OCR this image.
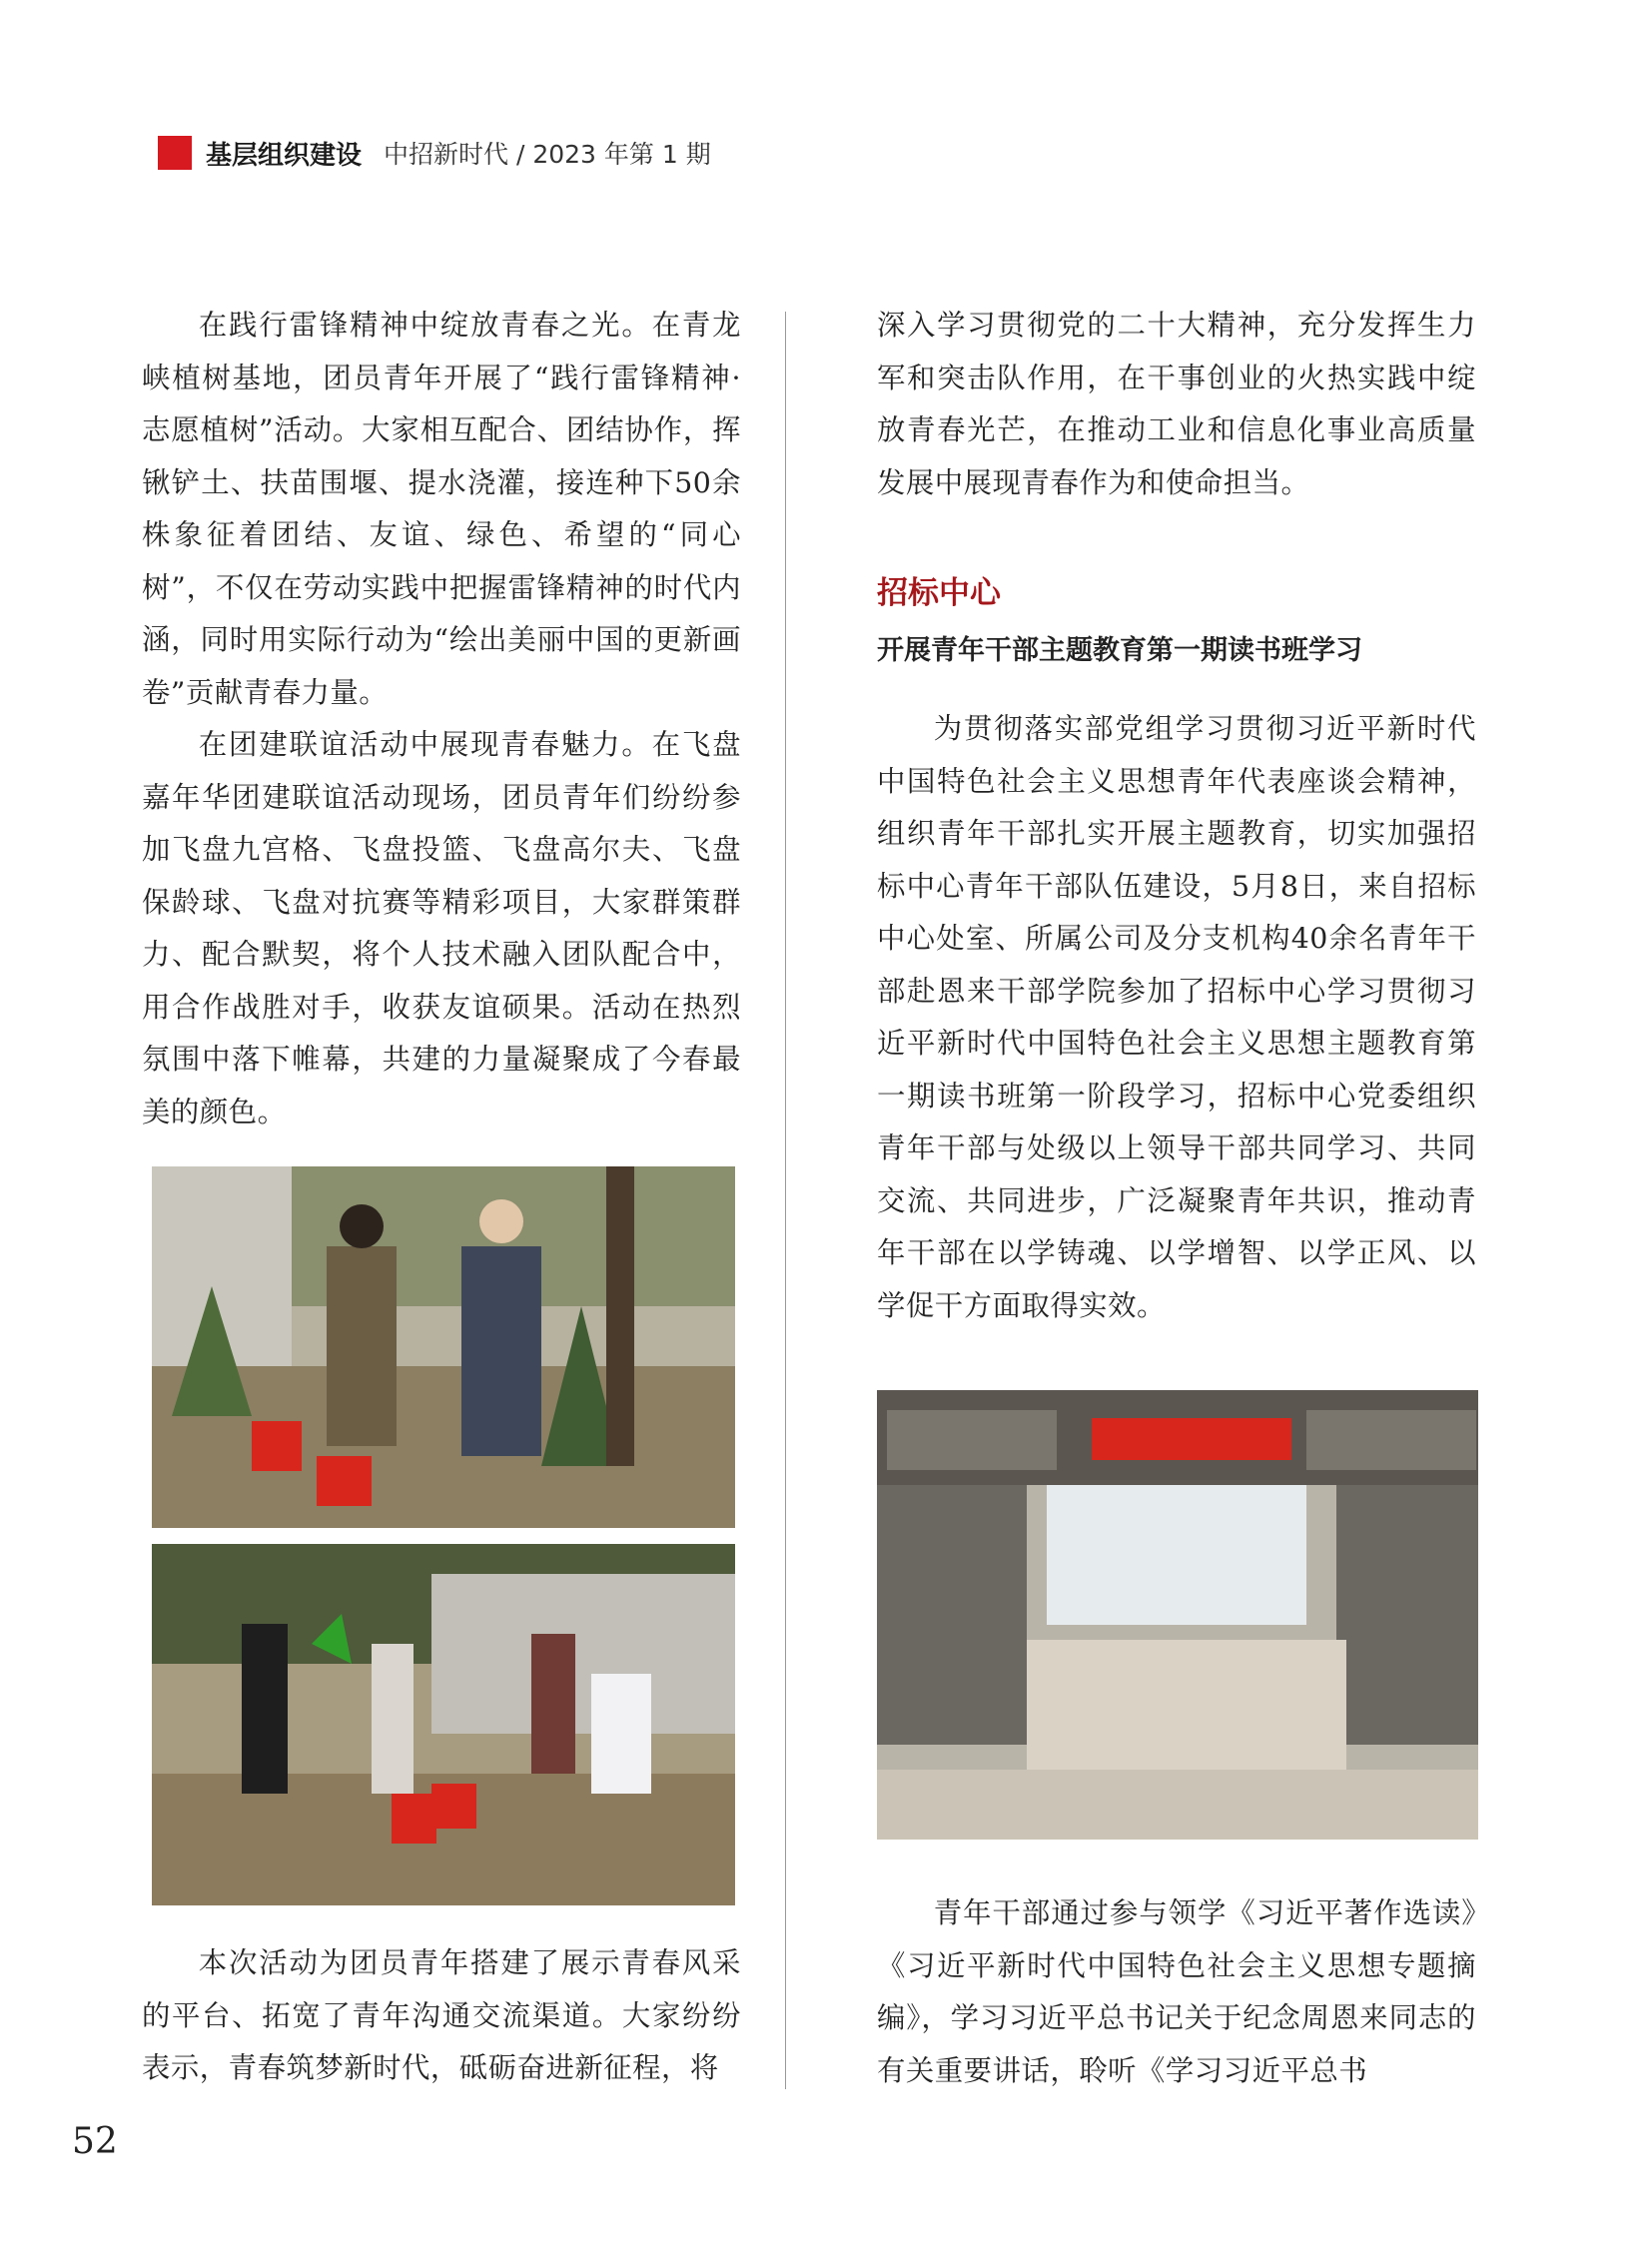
基层组织建设 中招新时代 / 2023 年第 1 期

在践行雷锋精神中绽放青春之光。在青龙峡植树基地，团员青年开展了“践行雷锋精神·志愿植树”活动。大家相互配合、团结协作，挥锹铲土、扶苗围堰、提水浇灌，接连种下50余株象征着团结、友谊、绿色、希望的“同心树”，不仅在劳动实践中把握雷锋精神的时代内涵，同时用实际行动为“绘出美丽中国的更新画卷”贡献青春力量。

在团建联谊活动中展现青春魅力。在飞盘嘉年华团建联谊活动现场，团员青年们纷纷参加飞盘九宫格、飞盘投篮、飞盘高尔夫、飞盘保龄球、飞盘对抗赛等精彩项目，大家群策群力、配合默契，将个人技术融入团队配合中，用合作战胜对手，收获友谊硕果。活动在热烈氛围中落下帷幕，共建的力量凝聚成了今春最美的颜色。

本次活动为团员青年搭建了展示青春风采的平台、拓宽了青年沟通交流渠道。大家纷纷表示，青春筑梦新时代，砥砺奋进新征程，将

深入学习贯彻党的二十大精神，充分发挥生力军和突击队作用，在干事创业的火热实践中绽放青春光芒，在推动工业和信息化事业高质量发展中展现青春作为和使命担当。

招标中心
开展青年干部主题教育第一期读书班学习

为贯彻落实部党组学习贯彻习近平新时代中国特色社会主义思想青年代表座谈会精神，组织青年干部扎实开展主题教育，切实加强招标中心青年干部队伍建设，5月8日，来自招标中心处室、所属公司及分支机构40余名青年干部赴恩来干部学院参加了招标中心学习贯彻习近平新时代中国特色社会主义思想主题教育第一期读书班第一阶段学习，招标中心党委组织青年干部与处级以上领导干部共同学习、共同交流、共同进步，广泛凝聚青年共识，推动青年干部在以学铸魂、以学增智、以学正风、以学促干方面取得实效。

青年干部通过参与领学《习近平著作选读》《习近平新时代中国特色社会主义思想专题摘编》，学习习近平总书记关于纪念周恩来同志的有关重要讲话，聆听《学习习近平总书

52
